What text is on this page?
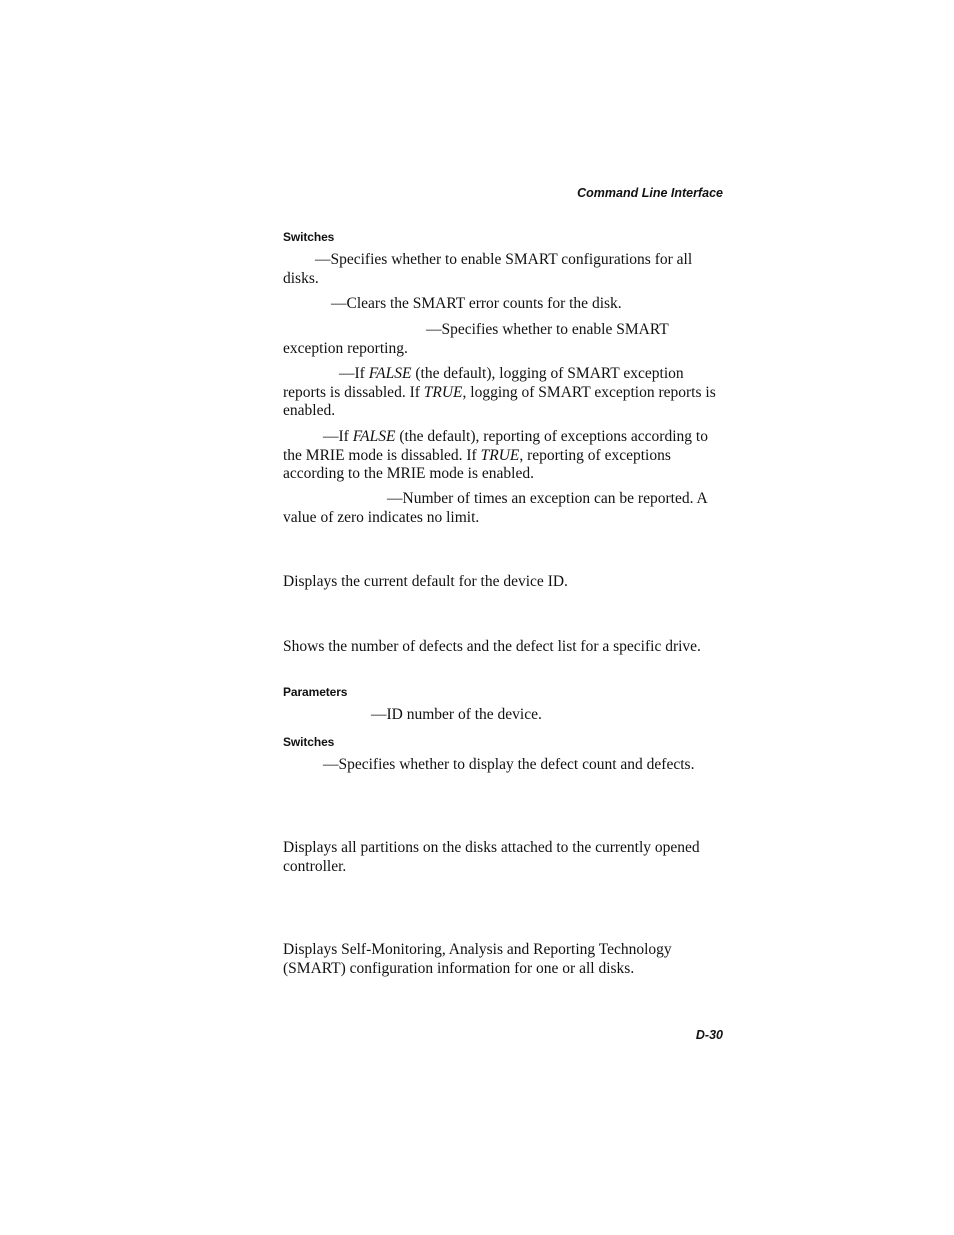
Command Line Interface
Switches

—Specifies whether to enable SMART configurations for all disks.

—Clears the SMART error counts for the disk.

—Specifies whether to enable SMART exception reporting.

—If FALSE (the default), logging of SMART exception reports is dissabled. If TRUE, logging of SMART exception reports is enabled.

—If FALSE (the default), reporting of exceptions according to the MRIE mode is dissabled. If TRUE, reporting of exceptions according to the MRIE mode is enabled.

—Number of times an exception can be reported. A value of zero indicates no limit.

Displays the current default for the device ID.

Shows the number of defects and the defect list for a specific drive.

Parameters

—ID number of the device.

Switches

—Specifies whether to display the defect count and defects.

Displays all partitions on the disks attached to the currently opened controller.

Displays Self-Monitoring, Analysis and Reporting Technology (SMART) configuration information for one or all disks.

D-30
